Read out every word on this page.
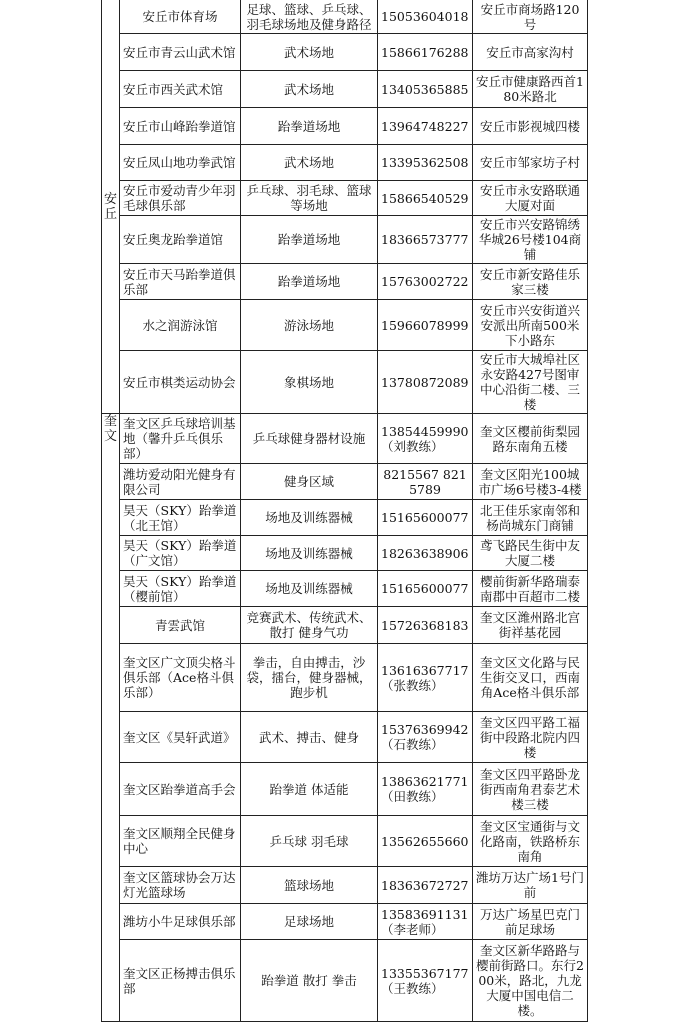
安丘	安丘市体育场	足球、篮球、乒乓球、羽毛球场地及健身路径	15053604018	安丘市商场路120号
	安丘市青云山武术馆	武术场地	15866176288	安丘市高家沟村
	安丘市西关武术馆	武术场地	13405365885	安丘市健康路西首180米路北
	安丘市山峰跆拳道馆	跆拳道场地	13964748227	安丘市影视城四楼
	安丘凤山地功拳武馆	武术场地	13395362508	安丘市邹家坊子村
	安丘市爱动青少年羽毛球俱乐部	乒乓球、羽毛球、篮球等场地	15866540529	安丘市永安路联通大厦对面
	安丘奥龙跆拳道馆	跆拳道场地	18366573777	安丘市兴安路锦绣华城26号楼104商铺
	安丘市天马跆拳道俱乐部	跆拳道场地	15763002722	安丘市新安路佳乐家三楼
	水之润游泳馆	游泳场地	15966078999	安丘市兴安街道兴安派出所南500米下小路东
	安丘市棋类运动协会	象棋场地	13780872089	安丘市大城埠社区永安路427号图审中心沿街二楼、三楼
奎文	奎文区乒乓球培训基地（馨升乒乓俱乐部）	乒乓球健身器材设施	13854459990（刘教练）	奎文区樱前街梨园路东南角五楼
	潍坊爱动阳光健身有限公司	健身区域	8215567 8215789	奎文区阳光100城市广场6号楼3-4楼
	昊天（SKY）跆拳道（北王馆）	场地及训练器械	15165600077	北王佳乐家南邻和杨尚城东门商铺
	昊天（SKY）跆拳道（广文馆）	场地及训练器械	18263638906	鸢飞路民生街中友大厦二楼
	昊天（SKY）跆拳道（樱前馆）	场地及训练器械	15165600077	樱前街新华路瑞泰南郡中百超市二楼
	青雲武馆	竞赛武术、传统武术、散打 健身气功	15726368183	奎文区潍州路北宫街祥基花园
	奎文区广文顶尖格斗俱乐部（Ace格斗俱乐部）	拳击，自由搏击，沙袋，擂台，健身器械，跑步机	13616367717（张教练）	奎文区文化路与民生街交叉口，西南角Ace格斗俱乐部
	奎文区《昊轩武道》	武术、搏击、健身	15376369942（石教练）	奎文区四平路工福街中段路北院内四楼
	奎文区跆拳道高手会	跆拳道 体适能	13863621771（田教练）	奎文区四平路卧龙街西南角君泰艺术楼三楼
	奎文区顺翔全民健身中心	乒乓球 羽毛球	13562655660	奎文区宝通街与文化路南，铁路桥东南角
	奎文区篮球协会万达灯光篮球场	篮球场地	18363672727	潍坊万达广场1号门前
	潍坊小牛足球俱乐部	足球场地	13583691131（李老师）	万达广场星巴克门前足球场
	奎文区正杨搏击俱乐部	跆拳道 散打 拳击	13355367177（王教练）	奎文区新华路路与樱前街路口。东行200米，路北，九龙大厦中国电信二楼。
